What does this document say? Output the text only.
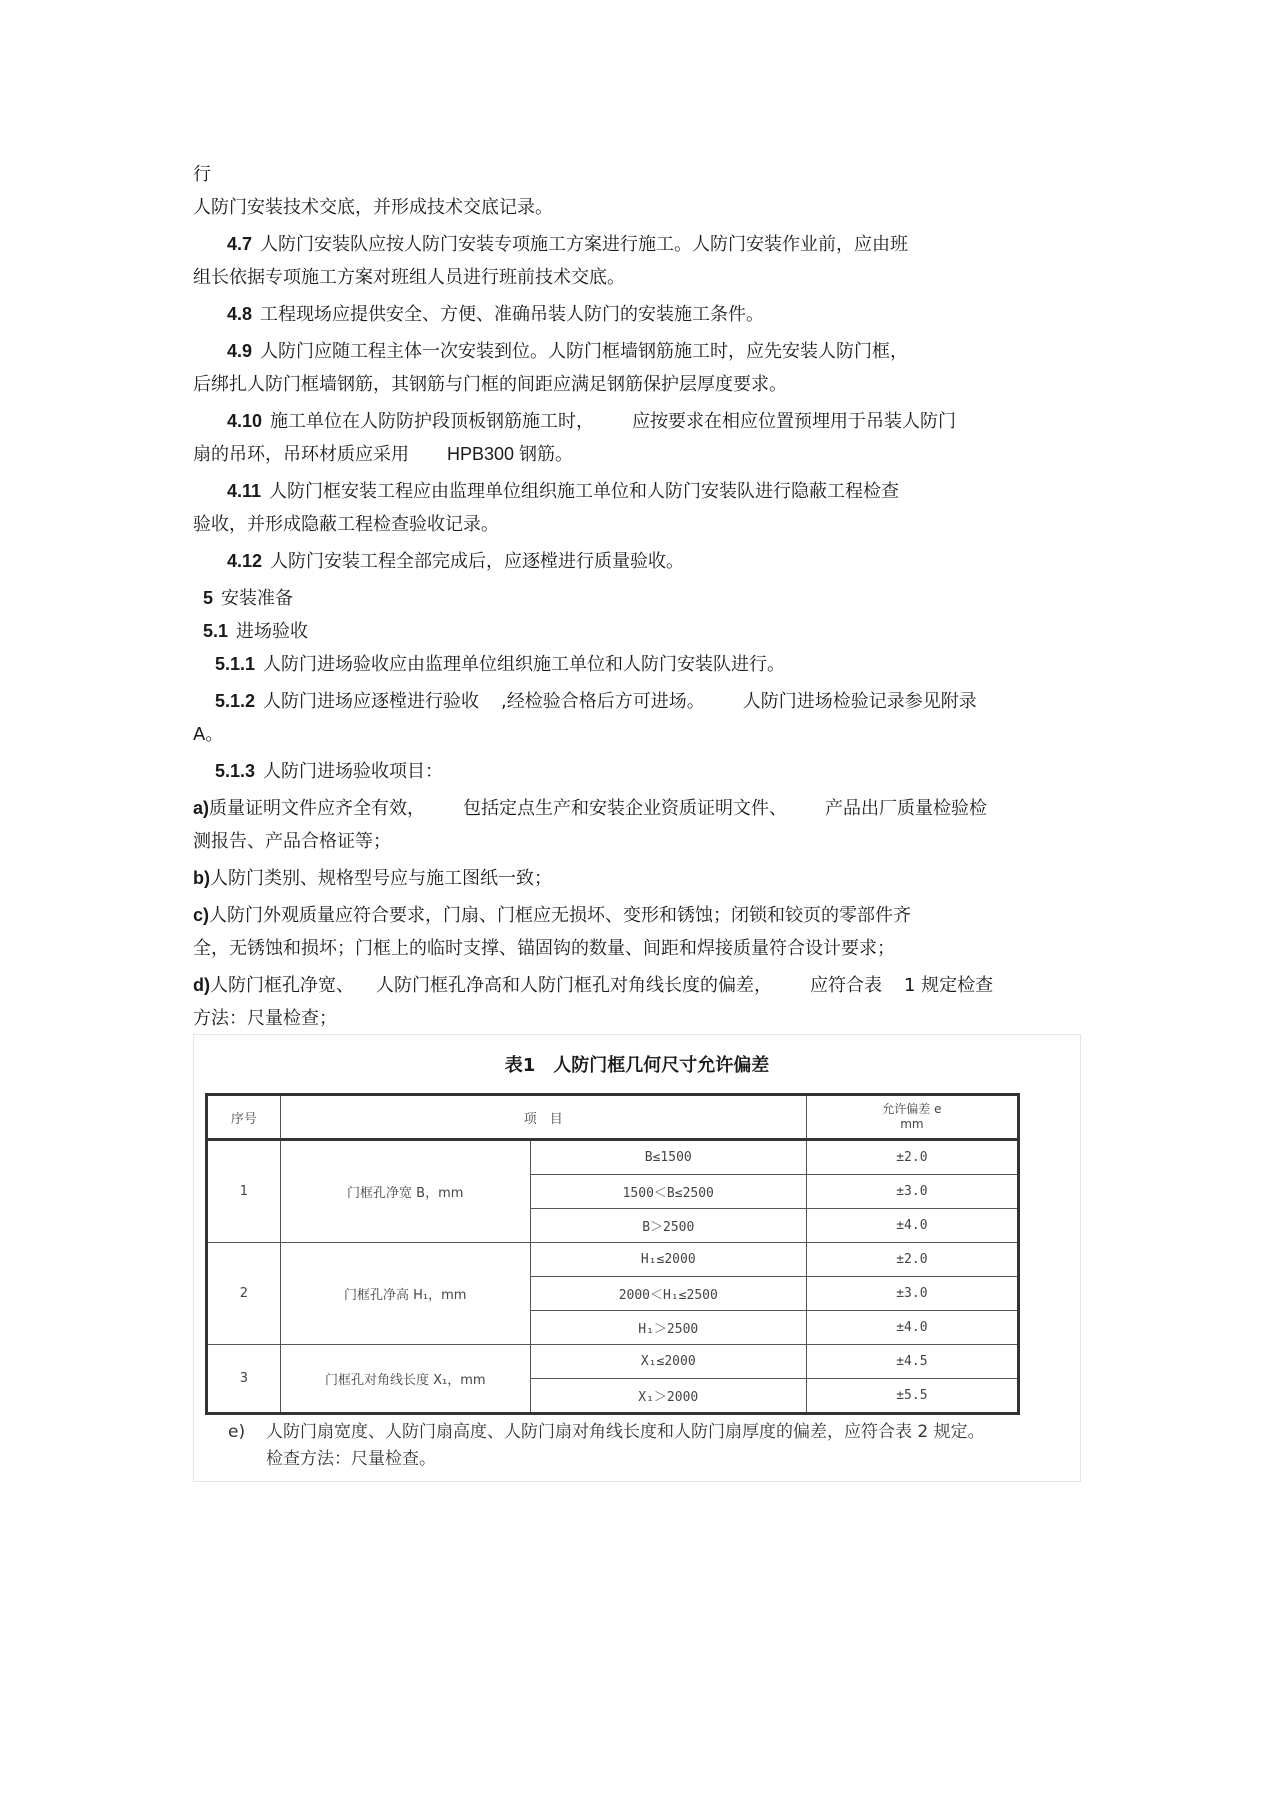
行

人防门安装技术交底，并形成技术交底记录。

4.7 人防门安装队应按人防门安装专项施工方案进行施工。人防门安装作业前，应由班

组长依据专项施工方案对班组人员进行班前技术交底。

4.8 工程现场应提供安全、方便、准确吊装人防门的安装施工条件。

4.9 人防门应随工程主体一次安装到位。人防门框墙钢筋施工时，应先安装人防门框，

后绑扎人防门框墙钢筋，其钢筋与门框的间距应满足钢筋保护层厚度要求。

4.10 施工单位在人防防护段顶板钢筋施工时， 应按要求在相应位置预埋用于吊装人防门

扇的吊环，吊环材质应采用 HPB300 钢筋。

4.11 人防门框安装工程应由监理单位组织施工单位和人防门安装队进行隐蔽工程检查

验收，并形成隐蔽工程检查验收记录。

4.12 人防门安装工程全部完成后，应逐樘进行质量验收。

5 安装准备

5.1 进场验收

5.1.1 人防门进场验收应由监理单位组织施工单位和人防门安装队进行。

5.1.2 人防门进场应逐樘进行验收 ,经检验合格后方可进场。 人防门进场检验记录参见附录

A。

5.1.3 人防门进场验收项目：

a)质量证明文件应齐全有效， 包括定点生产和安装企业资质证明文件、 产品出厂质量检验检

测报告、产品合格证等；

b)人防门类别、规格型号应与施工图纸一致；

c)人防门外观质量应符合要求，门扇、门框应无损坏、变形和锈蚀；闭锁和铰页的零部件齐

全，无锈蚀和损坏；门框上的临时支撑、锚固钩的数量、间距和焊接质量符合设计要求；

d)人防门框孔净宽、 人防门框孔净高和人防门框孔对角线长度的偏差， 应符合表 1 规定检查

方法：尺量检查；

表1　人防门框几何尺寸允许偏差
序号	项　目		允许偏差 e
mm

1	门框孔净宽 B，mm	B≤1500	±2.0
		1500＜B≤2500	±3.0
		B＞2500	±4.0
2	门框孔净高 H₁，mm	H₁≤2000	±2.0
		2000＜H₁≤2500	±3.0
		H₁＞2500	±4.0
3	门框孔对角线长度 X₁，mm	X₁≤2000	±4.5
		X₁＞2000	±5.5
e) 人防门扇宽度、人防门扇高度、人防门扇对角线长度和人防门扇厚度的偏差，应符合表 2 规定。
检查方法：尺量检查。
